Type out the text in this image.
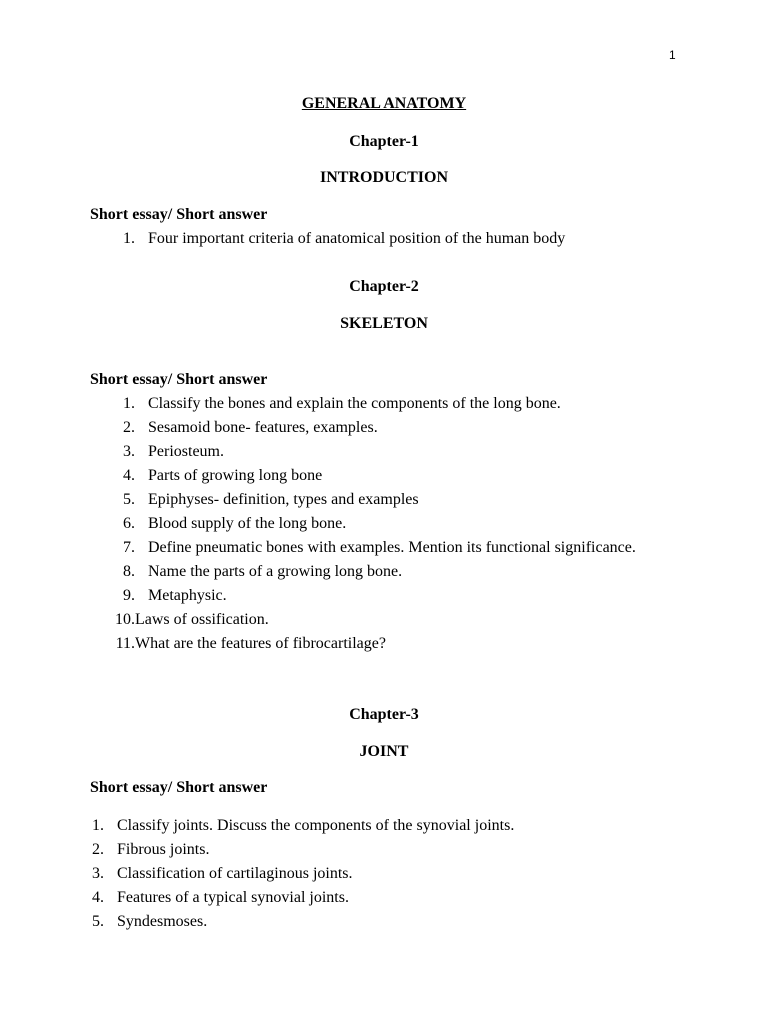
1
GENERAL ANATOMY
Chapter-1
INTRODUCTION
Short essay/ Short answer
1. Four important criteria of anatomical position of the human body
Chapter-2
SKELETON
Short essay/ Short answer
1. Classify the bones and explain the components of the long bone.
2. Sesamoid bone- features, examples.
3. Periosteum.
4. Parts of growing long bone
5. Epiphyses- definition, types and examples
6. Blood supply of the long bone.
7. Define pneumatic bones with examples. Mention its functional significance.
8. Name the parts of a growing long bone.
9. Metaphysic.
10. Laws of ossification.
11. What are the features of fibrocartilage?
Chapter-3
JOINT
Short essay/ Short answer
1. Classify joints. Discuss the components of the synovial joints.
2. Fibrous joints.
3. Classification of cartilaginous joints.
4. Features of a typical synovial joints.
5. Syndesmoses.
